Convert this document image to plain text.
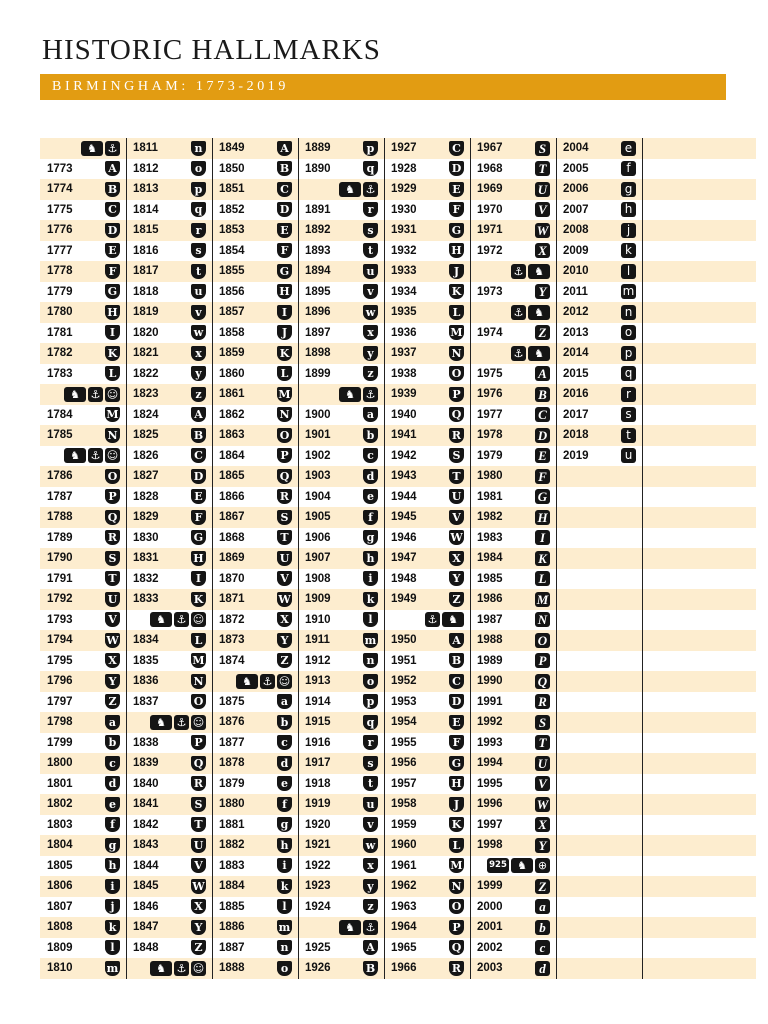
HISTORIC HALLMARKS
BIRMINGHAM: 1773-2019
♞ ⚓
1773	A
1774	B
1775	C
1776	D
1777	E
1778	F
1779	G
1780	H
1781	I
1782	K
1783	L
♞ ⚓ ☺
1784	M
1785	N
♞ ⚓ ☺
1786	O
1787	P
1788	Q
1789	R
1790	S
1791	T
1792	U
1793	V
1794	W
1795	X
1796	Y
1797	Z
1798	a
1799	b
1800	c
1801	d
1802	e
1803	f
1804	g
1805	h
1806	i
1807	j
1808	k
1809	l
1810	m
1811	n
1812	o
1813	p
1814	q
1815	r
1816	s
1817	t
1818	u
1819	v
1820	w
1821	x
1822	y
1823	z
1824	A
1825	B
1826	C
1827	D
1828	E
1829	F
1830	G
1831	H
1832	I
1833	K
♞ ⚓ ☺
1834	L
1835	M
1836	N
1837	O
♞ ⚓ ☺
1838	P
1839	Q
1840	R
1841	S
1842	T
1843	U
1844	V
1845	W
1846	X
1847	Y
1848	Z
♞ ⚓ ☺
1849	A
1850	B
1851	C
1852	D
1853	E
1854	F
1855	G
1856	H
1857	I
1858	J
1859	K
1860	L
1861	M
1862	N
1863	O
1864	P
1865	Q
1866	R
1867	S
1868	T
1869	U
1870	V
1871	W
1872	X
1873	Y
1874	Z
♞ ⚓ ☺
1875	a
1876	b
1877	c
1878	d
1879	e
1880	f
1881	g
1882	h
1883	i
1884	k
1885	l
1886	m
1887	n
1888	o
1889	p
1890	q
♞ ⚓
1891	r
1892	s
1893	t
1894	u
1895	v
1896	w
1897	x
1898	y
1899	z
♞ ⚓
1900	a
1901	b
1902	c
1903	d
1904	e
1905	f
1906	g
1907	h
1908	i
1909	k
1910	l
1911	m
1912	n
1913	o
1914	p
1915	q
1916	r
1917	s
1918	t
1919	u
1920	v
1921	w
1922	x
1923	y
1924	z
♞ ⚓
1925	A
1926	B
1927	C
1928	D
1929	E
1930	F
1931	G
1932	H
1933	J
1934	K
1935	L
1936	M
1937	N
1938	O
1939	P
1940	Q
1941	R
1942	S
1943	T
1944	U
1945	V
1946	W
1947	X
1948	Y
1949	Z
⚓ ♞
1950	A
1951	B
1952	C
1953	D
1954	E
1955	F
1956	G
1957	H
1958	J
1959	K
1960	L
1961	M
1962	N
1963	O
1964	P
1965	Q
1966	R
1967	S
1968	T
1969	U
1970	V
1971	W
1972	X
⚓ ♞
1973	Y
⚓ ♞
1974	Z
⚓ ♞
1975	A
1976	B
1977	C
1978	D
1979	E
1980	F
1981	G
1982	H
1983	I
1984	K
1985	L
1986	M
1987	N
1988	O
1989	P
1990	Q
1991	R
1992	S
1993	T
1994	U
1995	V
1996	W
1997	X
1998	Y
925 ♞ ⊕
1999	Z
2000	a
2001	b
2002	c
2003	d
2004	e
2005	f
2006	g
2007	h
2008	j
2009	k
2010	l
2011	m
2012	n
2013	o
2014	p
2015	q
2016	r
2017	s
2018	t
2019	u
